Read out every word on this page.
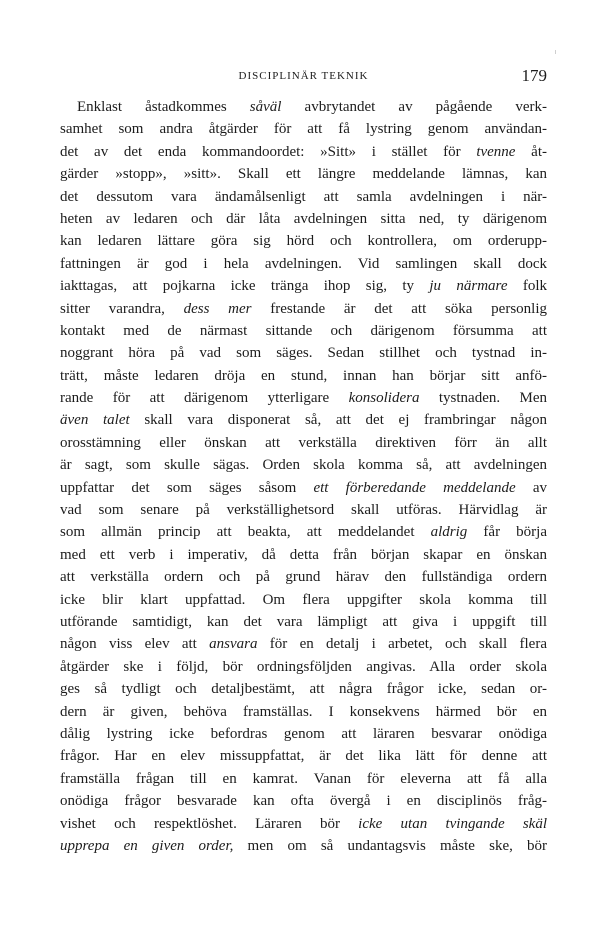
DISCIPLINÄR TEKNIK	179
Enklast åstadkommes såväl avbrytandet av pågående verk-
samhet som andra åtgärder för att få lystring genom användan-
det av det enda kommandoordet: »Sitt» i stället för tvenne åt-
gärder »stopp», »sitt». Skall ett längre meddelande lämnas, kan
det dessutom vara ändamålsenligt att samla avdelningen i när-
heten av ledaren och där låta avdelningen sitta ned, ty därigenom
kan ledaren lättare göra sig hörd och kontrollera, om orderupp-
fattningen är god i hela avdelningen. Vid samlingen skall dock
iakttagas, att pojkarna icke tränga ihop sig, ty ju närmare folk
sitter varandra, dess mer frestande är det att söka personlig
kontakt med de närmast sittande och därigenom försumma att
noggrant höra på vad som säges. Sedan stillhet och tystnad in-
trätt, måste ledaren dröja en stund, innan han börjar sitt anfö-
rande för att därigenom ytterligare konsolidera tystnaden. Men
även talet skall vara disponerat så, att det ej frambringar någon
orosstämning eller önskan att verkställa direktiven förr än allt
är sagt, som skulle sägas. Orden skola komma så, att avdelningen
uppfattar det som säges såsom ett förberedande meddelande av
vad som senare på verkställighetsord skall utföras. Härvidlag är
som allmän princip att beakta, att meddelandet aldrig får börja
med ett verb i imperativ, då detta från början skapar en önskan
att verkställa ordern och på grund härav den fullständiga ordern
icke blir klart uppfattad. Om flera uppgifter skola komma till
utförande samtidigt, kan det vara lämpligt att giva i uppgift till
någon viss elev att ansvara för en detalj i arbetet, och skall flera
åtgärder ske i följd, bör ordningsföljden angivas. Alla order skola
ges så tydligt och detaljbestämt, att några frågor icke, sedan or-
dern är given, behöva framställas. I konsekvens härmed bör en
dålig lystring icke befordras genom att läraren besvarar onödiga
frågor. Har en elev missuppfattat, är det lika lätt för denne att
framställa frågan till en kamrat. Vanan för eleverna att få alla
onödiga frågor besvarade kan ofta övergå i en disciplinös fråg-
vishet och respektlöshet. Läraren bör icke utan tvingande skäl
upprepa en given order, men om så undantagsvis måste ske, bör
